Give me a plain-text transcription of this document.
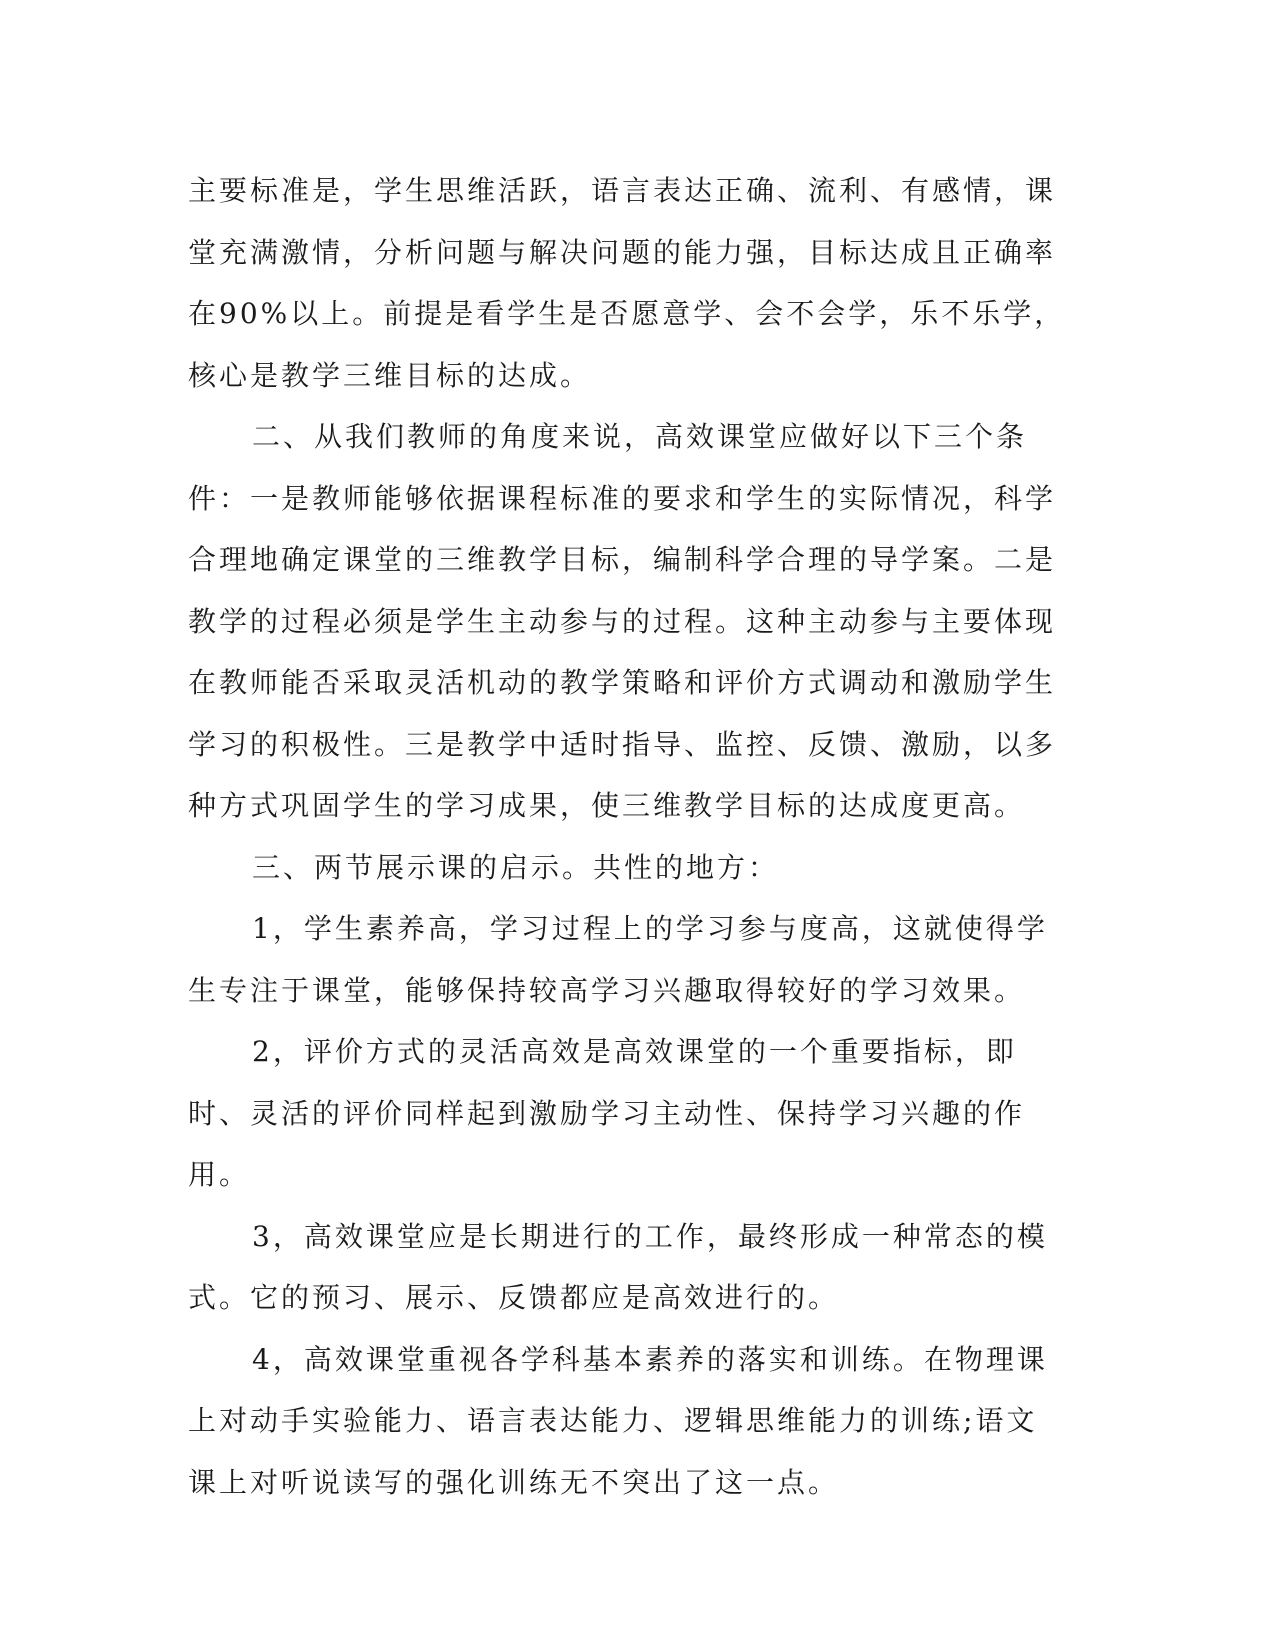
主要标准是，学生思维活跃，语言表达正确、流利、有感情，课堂充满激情，分析问题与解决问题的能力强，目标达成且正确率在90%以上。前提是看学生是否愿意学、会不会学，乐不乐学，核心是教学三维目标的达成。

二、从我们教师的角度来说，高效课堂应做好以下三个条件：一是教师能够依据课程标准的要求和学生的实际情况，科学合理地确定课堂的三维教学目标，编制科学合理的导学案。二是教学的过程必须是学生主动参与的过程。这种主动参与主要体现在教师能否采取灵活机动的教学策略和评价方式调动和激励学生学习的积极性。三是教学中适时指导、监控、反馈、激励，以多种方式巩固学生的学习成果，使三维教学目标的达成度更高。

三、两节展示课的启示。共性的地方：

1，学生素养高，学习过程上的学习参与度高，这就使得学生专注于课堂，能够保持较高学习兴趣取得较好的学习效果。

2，评价方式的灵活高效是高效课堂的一个重要指标，即时、灵活的评价同样起到激励学习主动性、保持学习兴趣的作用。

3，高效课堂应是长期进行的工作，最终形成一种常态的模式。它的预习、展示、反馈都应是高效进行的。

4，高效课堂重视各学科基本素养的落实和训练。在物理课上对动手实验能力、语言表达能力、逻辑思维能力的训练;语文课上对听说读写的强化训练无不突出了这一点。
